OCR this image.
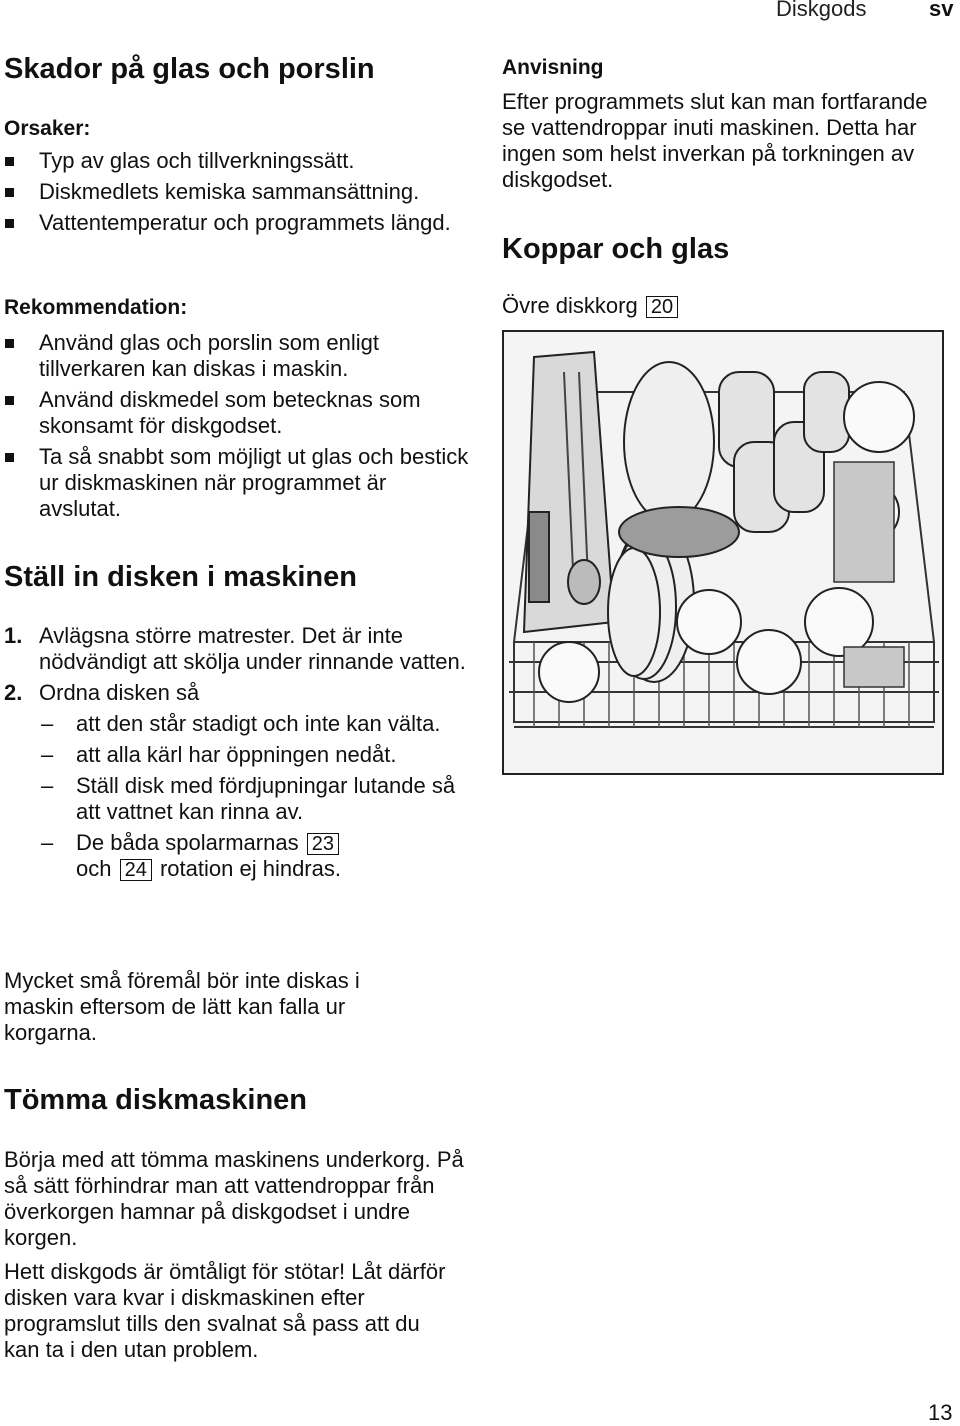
Diskgods	sv
Skador på glas och porslin
Orsaker:
Typ av glas och tillverkningssätt.
Diskmedlets kemiska sammansättning.
Vattentemperatur och programmets längd.
Rekommendation:
Använd glas och porslin som enligt tillverkaren kan diskas i maskin.
Använd diskmedel som betecknas som skonsamt för diskgodset.
Ta så snabbt som möjligt ut glas och bestick ur diskmaskinen när programmet är avslutat.
Ställ in disken i maskinen
1. Avlägsna större matrester. Det är inte nödvändigt att skölja under rinnande vatten.
2. Ordna disken så
– att den står stadigt och inte kan välta.
– att alla kärl har öppningen nedåt.
– Ställ disk med fördjupningar lutande så att vattnet kan rinna av.
– De båda spolarmarnas 23
och 24 rotation ej hindras.
Mycket små föremål bör inte diskas i maskin eftersom de lätt kan falla ur korgarna.
Tömma diskmaskinen
Börja med att tömma maskinens underkorg. På så sätt förhindrar man att vattendroppar från överkorgen hamnar på diskgodset i undre korgen.
Hett diskgods är ömtåligt för stötar! Låt därför disken vara kvar i diskmaskinen efter programslut tills den svalnat så pass att du kan ta i den utan problem.
Anvisning
Efter programmets slut kan man fortfarande se vattendroppar inuti maskinen. Detta har ingen som helst inverkan på torkningen av diskgodset.
Koppar och glas
Övre diskkorg 20
13
